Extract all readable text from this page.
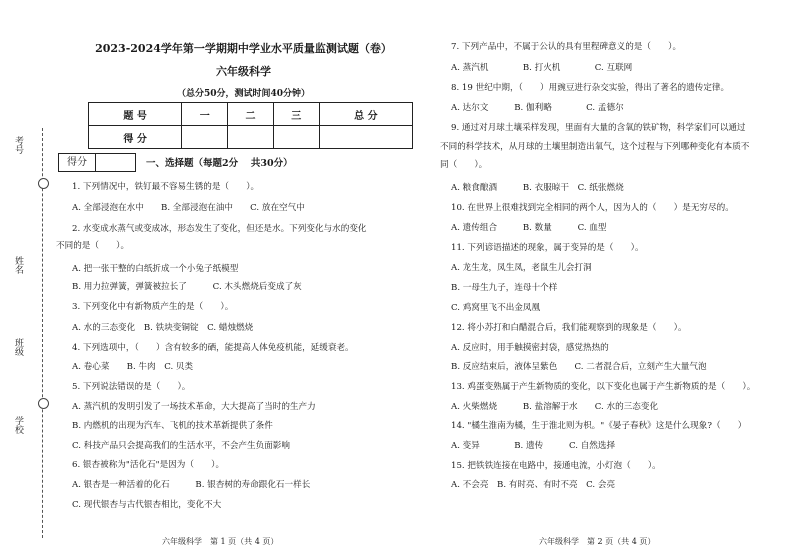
考号
姓名
班级
学校
2023-2024学年第一学期期中学业水平质量监测试题（卷）
六年级科学
（总分50分，测试时间40分钟）
题 号	一	二	三	总 分
得 分				
得分	一、选择题（每题2分　 共30分）
1. 下列情况中，铁钉最不容易生锈的是（　　）。
A. 全部浸泡在水中　　B. 全部浸泡在油中　　C. 放在空气中
2. 水变成水蒸气或变成冰，形态发生了变化，但还是水。下列变化与水的变化
不同的是（　　）。
A. 把一张干整的白纸折成一个小兔子纸模型
B. 用力拉弹簧，弹簧被拉长了　　　C. 木头燃烧后变成了灰
3. 下列变化中有新物质产生的是（　　）。
A. 水的三态变化　B. 铁块变铜锭　C. 蜡烛燃烧
4. 下列选项中，（　　）含有较多的硒，能提高人体免疫机能，延缓衰老。
A. 卷心菜　　B. 牛肉　C. 贝类
5. 下列说法错误的是（　　）。
A. 蒸汽机的发明引发了一场技术革命，大大提高了当时的生产力
B. 内燃机的出现为汽车、飞机的技术革新提供了条件
C. 科技产品只会提高我们的生活水平，不会产生负面影响
6. 银杏被称为"活化石"是因为（　　）。
A. 银杏是一种活着的化石　　　B. 银杏树的寿命跟化石一样长
C. 现代银杏与古代银杏相比，变化不大
7. 下列产品中，不属于公认的具有里程碑意义的是（　　）。
A. 蒸汽机　　　　B. 打火机　　　　C. 互联网
8. 19 世纪中期，（　　）用豌豆进行杂交实验，得出了著名的遗传定律。
A. 达尔文　　　B. 伽利略　　　　C. 孟德尔
9. 通过对月球土壤采样发现，里面有大量的含氧的铁矿物，科学家们可以通过
不同的科学技术，从月球的土壤里制造出氧气，这个过程与下列哪种变化有本质不
同（　　）。
A. 粮食酿酒　　　B. 衣服晾干　C. 纸张燃烧
10. 在世界上很难找到完全相同的两个人，因为人的（　　）是无穷尽的。
A. 遗传组合　　　B. 数量　　　C. 血型
11. 下列谚语描述的现象，属于变异的是（　　）。
A. 龙生龙，凤生凤，老鼠生儿会打洞
B. 一母生九子，连母十个样
C. 鸡窝里飞不出金凤凰
12. 将小苏打和白醋混合后，我们能观察到的现象是（　　）。
A. 反应时，用手触摸密封袋，感觉热热的
B. 反应结束后，液体呈紫色　　C. 二者混合后，立刻产生大量气泡
13. 鸡蛋变熟属于产生新物质的变化，以下变化也属于产生新物质的是（　　）。
A. 火柴燃烧　　　B. 盐溶解于水　　C. 水的三态变化
14. "橘生淮南为橘，生于淮北则为枳。"《晏子春秋》这是什么现象?（　　）
A. 变异　　　　B. 遗传　　　C. 自然选择
15. 把铁铁连接在电路中，接通电流，小灯泡（　　）。
A. 不会亮　B. 有时亮、有时不亮　C. 会亮
六年级科学　第 1 页（共 4 页）	六年级科学　第 2 页（共 4 页）
